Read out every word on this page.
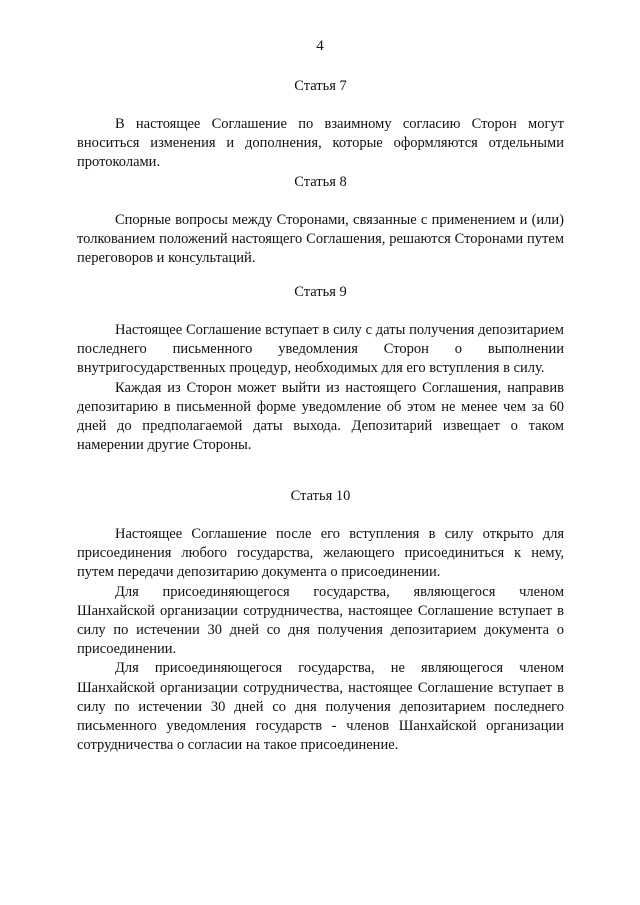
4
Статья 7

В настоящее Соглашение по взаимному согласию Сторон могут вноситься изменения и дополнения, которые оформляются отдельными протоколами.

Статья 8

Спорные вопросы между Сторонами, связанные с применением и (или) толкованием положений настоящего Соглашения, решаются Сторонами путем переговоров и консультаций.

Статья 9

Настоящее Соглашение вступает в силу с даты получения депозитарием последнего письменного уведомления Сторон о выполнении внутригосударственных процедур, необходимых для его вступления в силу.

Каждая из Сторон может выйти из настоящего Соглашения, направив депозитарию в письменной форме уведомление об этом не менее чем за 60 дней до предполагаемой даты выхода. Депозитарий извещает о таком намерении другие Стороны.

Статья 10

Настоящее Соглашение после его вступления в силу открыто для присоединения любого государства, желающего присоединиться к нему, путем передачи депозитарию документа о присоединении.

Для присоединяющегося государства, являющегося членом Шанхайской организации сотрудничества, настоящее Соглашение вступает в силу по истечении 30 дней со дня получения депозитарием документа о присоединении.

Для присоединяющегося государства, не являющегося членом Шанхайской организации сотрудничества, настоящее Соглашение вступает в силу по истечении 30 дней со дня получения депозитарием последнего письменного уведомления государств - членов Шанхайской организации сотрудничества о согласии на такое присоединение.
